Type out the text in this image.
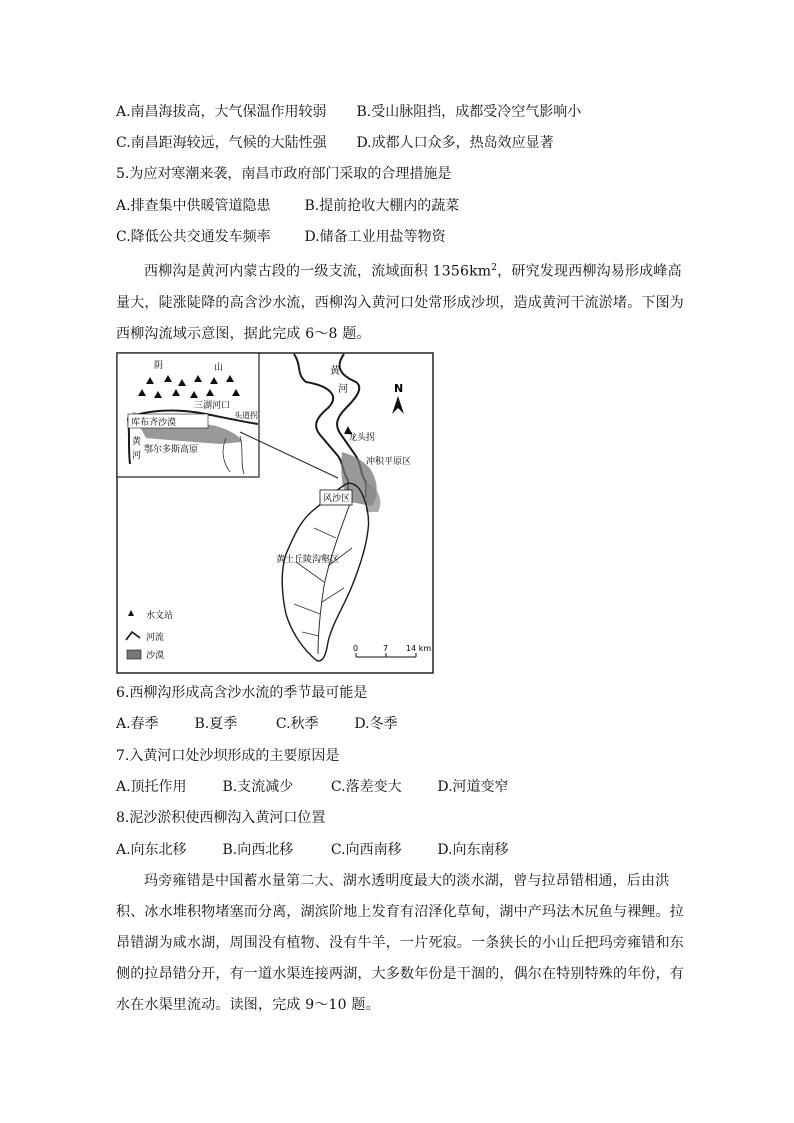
A.南昌海拔高，大气保温作用较弱 B.受山脉阻挡，成都受冷空气影响小
C.南昌距海较远，气候的大陆性强 D.成都人口众多，热岛效应显著
5.为应对寒潮来袭，南昌市政府部门采取的合理措施是
A.排查集中供暖管道隐患 B.提前抢收大棚内的蔬菜
C.降低公共交通发车频率 D.储备工业用盐等物资
西柳沟是黄河内蒙古段的一级支流，流域面积 $1356km^2$，研究发现西柳沟易形成峰高量大，陡涨陡降的高含沙水流，西柳沟入黄河口处常形成沙坝，造成黄河干流淤堵。下图为西柳沟流域示意图，据此完成 6～8 题。
黄
河
龙头拐
冲积平原区
风沙区
黄土丘陵沟壑区
N
阴	山
三湖河口
头道拐
库布齐沙漠
鄂尔多斯高原
黄
河
水文站
河流
沙漠
0	7 14 km
6.西柳沟形成高含沙水流的季节最可能是
A.春季	B.夏季	C.秋季	D.冬季
7.入黄河口处沙坝形成的主要原因是
A.顶托作用	B.支流减少	C.落差变大	D.河道变窄
8.泥沙淤积使西柳沟入黄河口位置
A.向东北移	B.向西北移	C.向西南移	D.向东南移
玛旁雍错是中国蓄水量第二大、湖水透明度最大的淡水湖，曾与拉昂错相通，后由洪积、冰水堆积物堵塞而分离，湖滨阶地上发育有沼泽化草甸，湖中产玛法木尻鱼与裸鲤。拉昂错湖为咸水湖，周围没有植物、没有牛羊，一片死寂。一条狭长的小山丘把玛旁雍错和东侧的拉昂错分开，有一道水渠连接两湖，大多数年份是干涸的，偶尔在特别特殊的年份，有水在水渠里流动。读图，完成 9～10 题。
